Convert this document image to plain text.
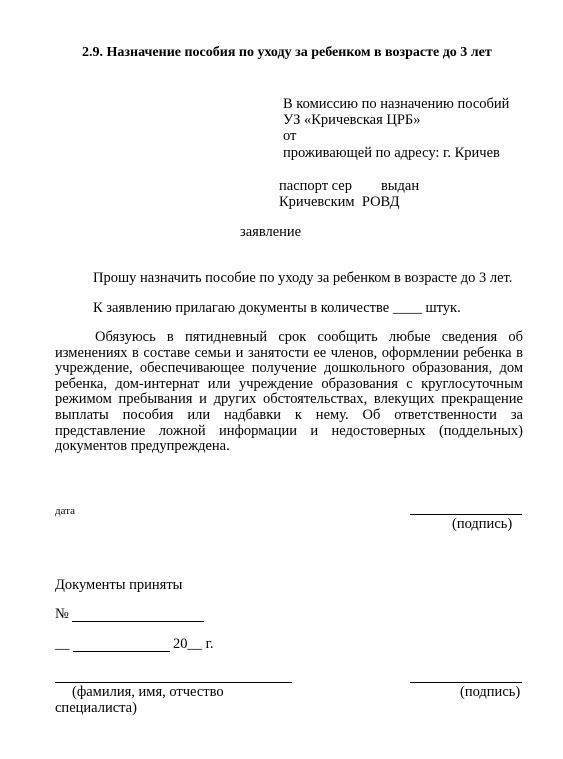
2.9. Назначение пособия по уходу за ребенком в возрасте до 3 лет
В комиссию по назначению пособий
УЗ «Кричевская ЦРБ»
от
проживающей по адресу: г. Кричев
паспорт сер        выдан
Кричевским  РОВД
заявление
Прошу назначить пособие по уходу за ребенком в возрасте до 3 лет.
К заявлению прилагаю документы в количестве ____ штук.
Обязуюсь в пятидневный срок сообщить любые сведения об изменениях в составе семьи и занятости ее членов, оформлении ребенка в учреждение, обеспечивающее получение дошкольного образования, дом ребенка, дом-интернат или учреждение образования с круглосуточным режимом пребывания и других обстоятельствах, влекущих прекращение выплаты пособия или надбавки к нему. Об ответственности за представление ложной информации и недостоверных (поддельных) документов предупреждена.
дата
(подпись)
Документы приняты
№
__	20__ г.
(фамилия, имя, отчество	(подпись)
специалиста)
